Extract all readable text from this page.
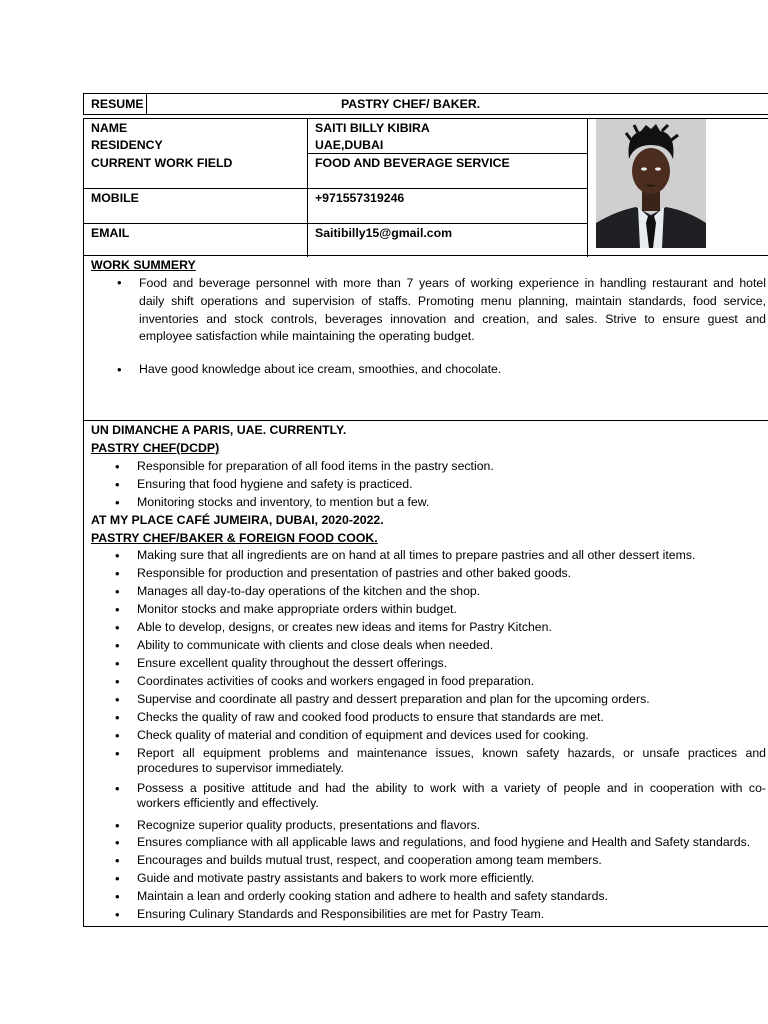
RESUME	PASTRY CHEF/ BAKER.
NAME	SAITI BILLY KIBIRA
RESIDENCY	UAE,DUBAI
CURRENT WORK FIELD	FOOD AND BEVERAGE SERVICE
MOBILE	+971557319246
EMAIL	Saitibilly15@gmail.com
WORK SUMMERY
• Food and beverage personnel with more than 7 years of working experience in handling restaurant and hotel
daily shift operations and supervision of staffs. Promoting menu planning, maintain standards, food service,
inventories and stock controls, beverages innovation and creation, and sales. Strive to ensure guest and
employee satisfaction while maintaining the operating budget.
• Have good knowledge about ice cream, smoothies, and chocolate.
UN DIMANCHE A PARIS, UAE. CURRENTLY.
PASTRY CHEF(DCDP)
• Responsible for preparation of all food items in the pastry section.
• Ensuring that food hygiene and safety is practiced.
• Monitoring stocks and inventory, to mention but a few.
AT MY PLACE CAFÉ JUMEIRA, DUBAI, 2020-2022.
PASTRY CHEF/BAKER & FOREIGN FOOD COOK.
• Making sure that all ingredients are on hand at all times to prepare pastries and all other dessert items.
• Responsible for production and presentation of pastries and other baked goods.
• Manages all day-to-day operations of the kitchen and the shop.
• Monitor stocks and make appropriate orders within budget.
• Able to develop, designs, or creates new ideas and items for Pastry Kitchen.
• Ability to communicate with clients and close deals when needed.
• Ensure excellent quality throughout the dessert offerings.
• Coordinates activities of cooks and workers engaged in food preparation.
• Supervise and coordinate all pastry and dessert preparation and plan for the upcoming orders.
• Checks the quality of raw and cooked food products to ensure that standards are met.
• Check quality of material and condition of equipment and devices used for cooking.
• Report all equipment problems and maintenance issues, known safety hazards, or unsafe practices and
procedures to supervisor immediately.
• Possess a positive attitude and had the ability to work with a variety of people and in cooperation with co-
workers efficiently and effectively.
• Recognize superior quality products, presentations and flavors.
• Ensures compliance with all applicable laws and regulations, and food hygiene and Health and Safety standards.
• Encourages and builds mutual trust, respect, and cooperation among team members.
• Guide and motivate pastry assistants and bakers to work more efficiently.
• Maintain a lean and orderly cooking station and adhere to health and safety standards.
• Ensuring Culinary Standards and Responsibilities are met for Pastry Team.
